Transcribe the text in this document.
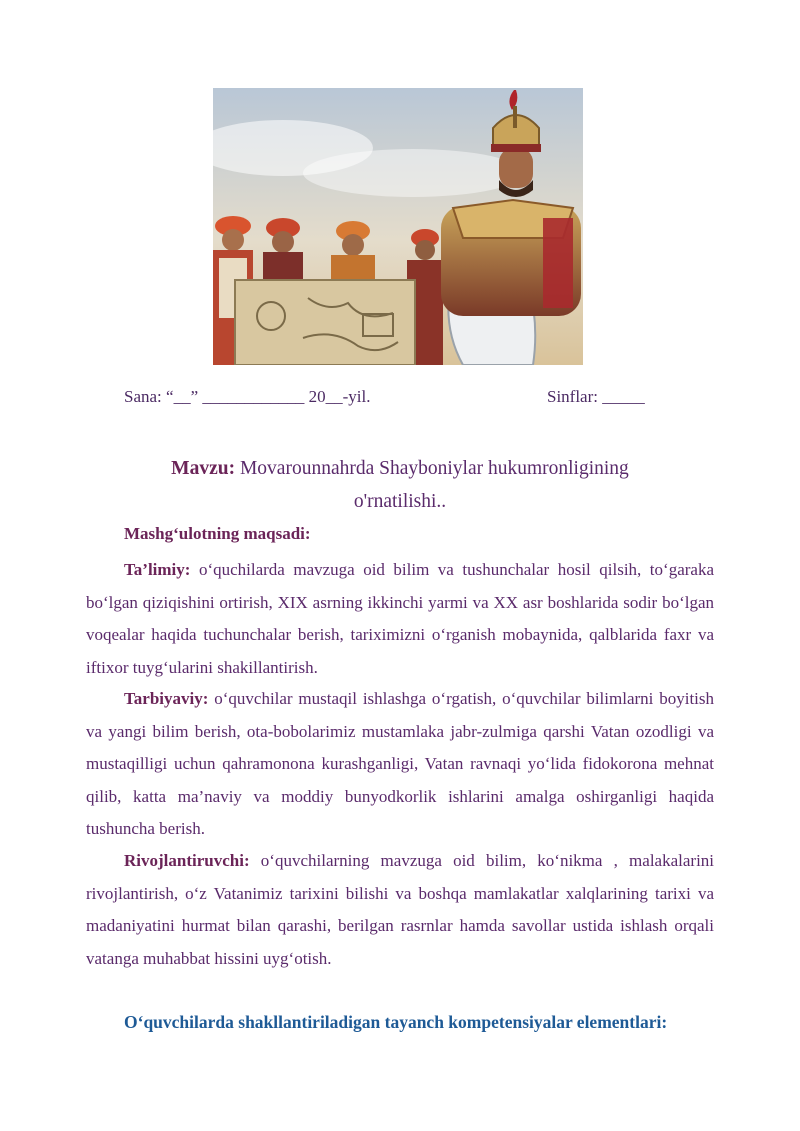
Sana: “__” ____________ 20__-yil.	Sinflar: _____
Mavzu: Movarounnahrda Shayboniylar hukumronligining
o'rnatilishi..
Mashg‘ulotning maqsadi:
Ta’limiy: o‘quchilarda mavzuga oid bilim va tushunchalar hosil qilsih, to‘garaka bo‘lgan qiziqishini ortirish, XIX asrning ikkinchi yarmi va XX asr boshlarida sodir bo‘lgan voqealar haqida tuchunchalar berish, tariximizni o‘rganish mobaynida, qalblarida faxr va iftixor tuyg‘ularini shakillantirish.
Tarbiyaviy: o‘quvchilar mustaqil ishlashga o‘rgatish, o‘quvchilar bilimlarni boyitish va yangi bilim berish, ota-bobolarimiz mustamlaka jabr-zulmiga qarshi Vatan ozodligi va mustaqilligi uchun qahramonona kurashganligi, Vatan ravnaqi yo‘lida fidokorona mehnat qilib, katta ma’naviy va moddiy bunyodkorlik ishlarini amalga oshirganligi haqida tushuncha berish.
Rivojlantiruvchi: o‘quvchilarning mavzuga oid bilim, ko‘nikma , malakalarini rivojlantirish, o‘z Vatanimiz tarixini bilishi va boshqa mamlakatlar xalqlarining tarixi va madaniyatini hurmat bilan qarashi, berilgan rasrnlar hamda savollar ustida ishlash orqali vatanga muhabbat hissini uyg‘otish.
O‘quvchilarda shakllantiriladigan tayanch kompetensiyalar elementlari:
